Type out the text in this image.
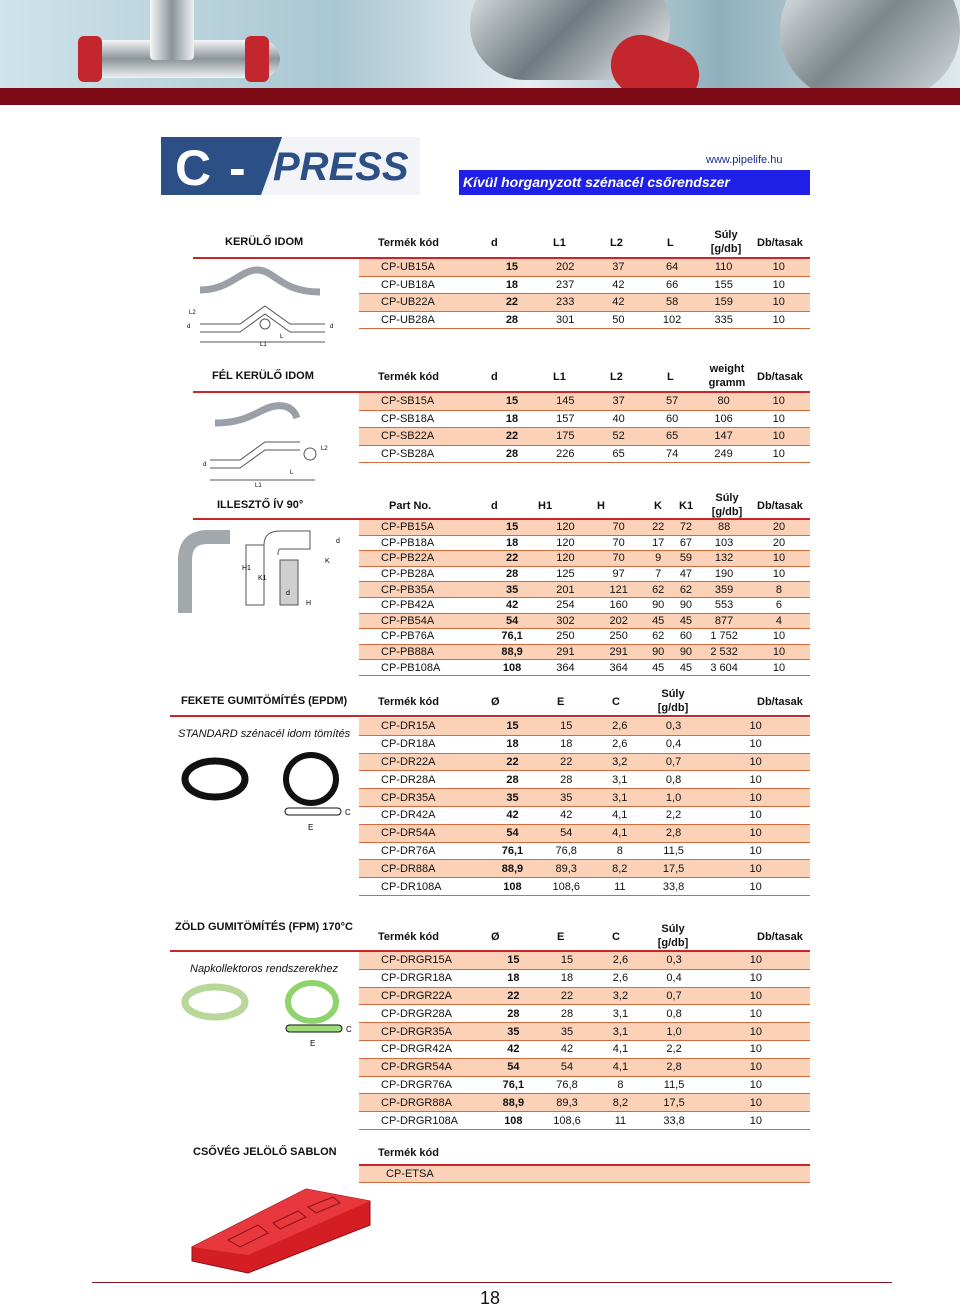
C - PRESS	www.pipelife.hu
Kívül horganyzott szénacél csőrendszer
KERÜLŐ IDOM	Termék kód	d	L1	L2	L
Súly
[g/db]	Db/tasak
L2
d	d
L
L1
CP-UB15A	15	202	37	64	110	10
CP-UB18A	18	237	42	66	155	10
CP-UB22A	22	233	42	58	159	10
CP-UB28A	28	301	50	102	335	10
FÉL KERÜLŐ IDOM	Termék kód	d	L1	L2	L
weight
gramm	Db/tasak
d
L2
L
L1
CP-SB15A	15	145	37	57	80	10
CP-SB18A	18	157	40	60	106	10
CP-SB22A	22	175	52	65	147	10
CP-SB28A	28	226	65	74	249	10
ILLESZTŐ ÍV 90°	Part No.	d	H1	H	K K1
Súly
[g/db]	Db/tasak
H1
K1
K
d
d
H
CP-PB15A	15	120	70	22	72	88	20
CP-PB18A	18	120	70	17	67	103	20
CP-PB22A	22	120	70	9	59	132	10
CP-PB28A	28	125	97	7	47	190	10
CP-PB35A	35	201	121	62	62	359	8
CP-PB42A	42	254	160	90	90	553	6
CP-PB54A	54	302	202	45	45	877	4
CP-PB76A	76,1	250	250	62	60	1 752	10
CP-PB88A	88,9	291	291	90	90	2 532	10
CP-PB108A	108	364	364	45	45	3 604	10
FEKETE GUMITÖMÍTÉS (EPDM)	Termék kód	Ø	E	C
Súly
[g/db]	Db/tasak
STANDARD szénacél idom tömítés
C
E
CP-DR15A	15	15	2,6	0,3	10
CP-DR18A	18	18	2,6	0,4	10
CP-DR22A	22	22	3,2	0,7	10
CP-DR28A	28	28	3,1	0,8	10
CP-DR35A	35	35	3,1	1,0	10
CP-DR42A	42	42	4,1	2,2	10
CP-DR54A	54	54	4,1	2,8	10
CP-DR76A	76,1	76,8	8	11,5	10
CP-DR88A	88,9	89,3	8,2	17,5	10
CP-DR108A	108	108,6	11	33,8	10
ZÖLD GUMITÖMÍTÉS (FPM) 170°C
Termék kód	Ø	E	C
Súly
[g/db]	Db/tasak
Napkollektoros rendszerekhez
C
E
CP-DRGR15A	15	15	2,6	0,3	10
CP-DRGR18A	18	18	2,6	0,4	10
CP-DRGR22A	22	22	3,2	0,7	10
CP-DRGR28A	28	28	3,1	0,8	10
CP-DRGR35A	35	35	3,1	1,0	10
CP-DRGR42A	42	42	4,1	2,2	10
CP-DRGR54A	54	54	4,1	2,8	10
CP-DRGR76A	76,1	76,8	8	11,5	10
CP-DRGR88A	88,9	89,3	8,2	17,5	10
CP-DRGR108A	108	108,6	11	33,8	10
CSŐVÉG JELÖLŐ SABLON	Termék kód
CP-ETSA
18
